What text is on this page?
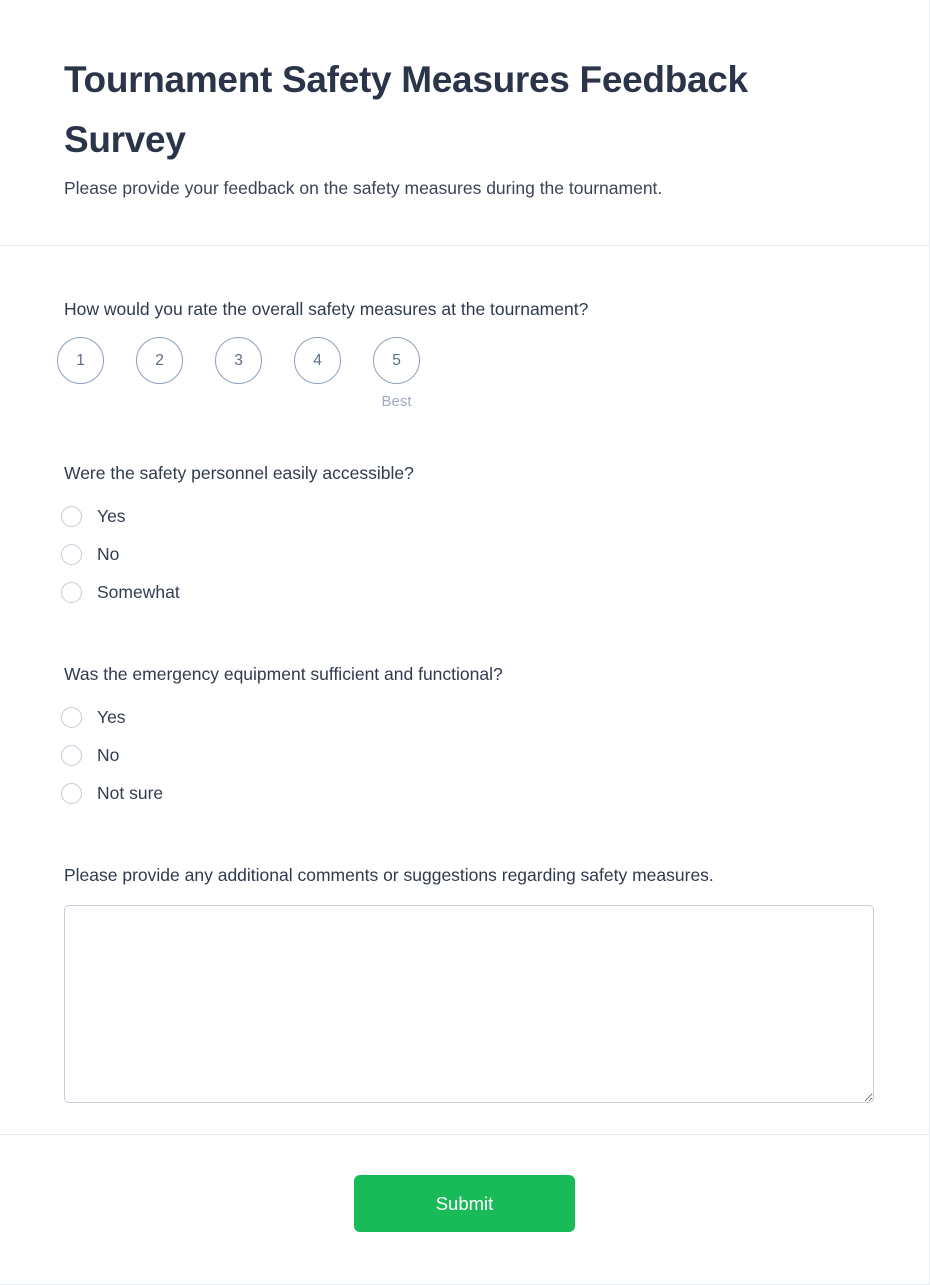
Tournament Safety Measures Feedback Survey

Please provide your feedback on the safety measures during the tournament.

How would you rate the overall safety measures at the tournament?
1	2	3	4	5
Best
Were the safety personnel easily accessible?
Yes
No
Somewhat
Was the emergency equipment sufficient and functional?
Yes
No
Not sure
Please provide any additional comments or suggestions regarding safety measures.
Submit
